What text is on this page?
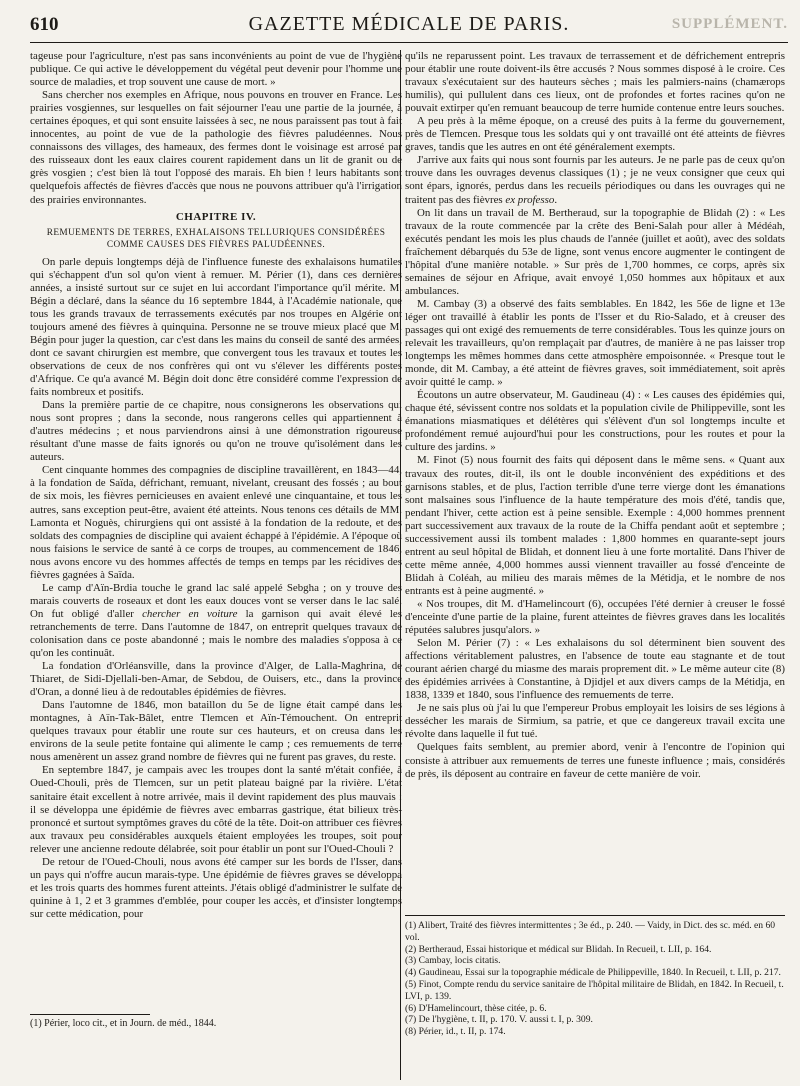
610	GAZETTE MÉDICALE DE PARIS.	SUPPLÉMENT.

tageuse pour l'agriculture, n'est pas sans inconvénients au point de vue de l'hygiène publique. Ce qui active le développement du végétal peut devenir pour l'homme une source de maladies, et trop souvent une cause de mort. »

Sans chercher nos exemples en Afrique, nous pouvons en trouver en France. Les prairies vosgiennes, sur lesquelles on fait séjourner l'eau une partie de la journée, à certaines époques, et qui sont ensuite laissées à sec, ne nous paraissent pas tout à fait innocentes, au point de vue de la pathologie des fièvres paludéennes. Nous connaissons des villages, des hameaux, des fermes dont le voisinage est arrosé par des ruisseaux dont les eaux claires courent rapidement dans un lit de granit ou de grès vosgien ; c'est bien là tout l'opposé des marais. Eh bien ! leurs habitants sont quelquefois affectés de fièvres d'accès que nous ne pouvons attribuer qu'à l'irrigation des prairies environnantes.

CHAPITRE IV.
REMUEMENTS DE TERRES, EXHALAISONS TELLURIQUES CONSIDÉRÉES
COMME CAUSES DES FIÈVRES PALUDÉENNES.

On parle depuis longtemps déjà de l'influence funeste des exhalaisons humatiles qui s'échappent d'un sol qu'on vient à remuer. M. Périer (1), dans ces dernières années, a insisté surtout sur ce sujet en lui accordant l'importance qu'il mérite. M. Bégin a déclaré, dans la séance du 16 septembre 1844, à l'Académie nationale, que tous les grands travaux de terrassements exécutés par nos troupes en Algérie ont toujours amené des fièvres à quinquina. Personne ne se trouve mieux placé que M. Bégin pour juger la question, car c'est dans les mains du conseil de santé des armées, dont ce savant chirurgien est membre, que convergent tous les travaux et toutes les observations de ceux de nos confrères qui ont vu s'élever les différents postes d'Afrique. Ce qu'a avancé M. Bégin doit donc être considéré comme l'expression de faits nombreux et positifs.

Dans la première partie de ce chapitre, nous consignerons les observations qui nous sont propres ; dans la seconde, nous rangerons celles qui appartiennent à d'autres médecins ; et nous parviendrons ainsi à une démonstration rigoureuse résultant d'une masse de faits ignorés ou qu'on ne trouve qu'isolément dans les auteurs.

Cent cinquante hommes des compagnies de discipline travaillèrent, en 1843—44, à la fondation de Saïda, défrichant, remuant, nivelant, creusant des fossés ; au bout de six mois, les fièvres pernicieuses en avaient enlevé une cinquantaine, et tous les autres, sans exception peut-être, avaient été atteints. Nous tenons ces détails de MM. Lamonta et Noguès, chirurgiens qui ont assisté à la fondation de la redoute, et des soldats des compagnies de discipline qui avaient échappé à l'épidémie. A l'époque où nous faisions le service de santé à ce corps de troupes, au commencement de 1846, nous avons encore vu des hommes affectés de temps en temps par les récidives des fièvres gagnées à Saïda.

Le camp d'Aïn-Brdia touche le grand lac salé appelé Sebgha ; on y trouve des marais couverts de roseaux et dont les eaux douces vont se verser dans le lac salé. On fut obligé d'aller chercher en voiture la garnison qui avait élevé les retranchements de terre. Dans l'automne de 1847, on entreprit quelques travaux de colonisation dans ce poste abandonné ; mais le nombre des maladies s'opposa à ce qu'on les continuât.

La fondation d'Orléansville, dans la province d'Alger, de Lalla-Maghrina, de Thiaret, de Sidi-Djellali-ben-Amar, de Sebdou, de Ouisers, etc., dans la province d'Oran, a donné lieu à de redoutables épidémies de fièvres.

Dans l'automne de 1846, mon bataillon du 5e de ligne était campé dans les montagnes, à Aïn-Tak-Bâlet, entre Tlemcen et Aïn-Témouchent. On entreprit quelques travaux pour établir une route sur ces hauteurs, et on creusa dans les environs de la seule petite fontaine qui alimente le camp ; ces remuements de terre nous amenèrent un assez grand nombre de fièvres qui ne furent pas graves, du reste.

En septembre 1847, je campais avec les troupes dont la santé m'était confiée, à Oued-Chouli, près de Tlemcen, sur un petit plateau baigné par la rivière. L'état sanitaire était excellent à notre arrivée, mais il devint rapidement des plus mauvais : il se développa une épidémie de fièvres avec embarras gastrique, état bilieux très-prononcé et surtout symptômes graves du côté de la tête. Doit-on attribuer ces fièvres aux travaux peu considérables auxquels étaient employées les troupes, soit pour relever une ancienne redoute délabrée, soit pour établir un pont sur l'Oued-Chouli ?

De retour de l'Oued-Chouli, nous avons été camper sur les bords de l'Isser, dans un pays qui n'offre aucun marais-type. Une épidémie de fièvres graves se développa et les trois quarts des hommes furent atteints. J'étais obligé d'administrer le sulfate de quinine à 1, 2 et 3 grammes d'emblée, pour couper les accès, et d'insister longtemps sur cette médication, pour

qu'ils ne reparussent point. Les travaux de terrassement et de défrichement entrepris pour établir une route doivent-ils être accusés ? Nous sommes disposé à le croire. Ces travaux s'exécutaient sur des hauteurs sèches ; mais les palmiers-nains (chamærops humilis), qui pullulent dans ces lieux, ont de profondes et fortes racines qu'on ne pouvait extirper qu'en remuant beaucoup de terre humide contenue entre leurs souches.

A peu près à la même époque, on a creusé des puits à la ferme du gouvernement, près de Tlemcen. Presque tous les soldats qui y ont travaillé ont été atteints de fièvres graves, tandis que les autres en ont été généralement exempts.

J'arrive aux faits qui nous sont fournis par les auteurs. Je ne parle pas de ceux qu'on trouve dans les ouvrages devenus classiques (1) ; je ne veux consigner que ceux qui sont épars, ignorés, perdus dans les recueils périodiques ou dans les ouvrages qui ne traitent pas des fièvres ex professo.

On lit dans un travail de M. Bertheraud, sur la topographie de Blidah (2) : « Les travaux de la route commencée par la crête des Beni-Salah pour aller à Médéah, exécutés pendant les mois les plus chauds de l'année (juillet et août), avec des soldats fraîchement débarqués du 53e de ligne, sont venus encore augmenter le contingent de l'hôpital d'une manière notable. » Sur près de 1,700 hommes, ce corps, après six semaines de séjour en Afrique, avait envoyé 1,050 hommes aux hôpitaux et aux ambulances.

M. Cambay (3) a observé des faits semblables. En 1842, les 56e de ligne et 13e léger ont travaillé à établir les ponts de l'Isser et du Rio-Salado, et à creuser des passages qui ont exigé des remuements de terre considérables. Tous les quinze jours on relevait les travailleurs, qu'on remplaçait par d'autres, de manière à ne pas laisser trop longtemps les mêmes hommes dans cette atmosphère empoisonnée. « Presque tout le monde, dit M. Cambay, a été atteint de fièvres graves, soit immédiatement, soit après avoir quitté le camp. »

Écoutons un autre observateur, M. Gaudineau (4) : « Les causes des épidémies qui, chaque été, sévissent contre nos soldats et la population civile de Philippeville, sont les émanations miasmatiques et délétères qui s'élèvent d'un sol longtemps inculte et profondément remué aujourd'hui pour les constructions, pour les routes et pour la culture des jardins. »

M. Finot (5) nous fournit des faits qui déposent dans le même sens. « Quant aux travaux des routes, dit-il, ils ont le double inconvénient des expéditions et des garnisons stables, et de plus, l'action terrible d'une terre vierge dont les émanations sont malsaines sous l'influence de la haute température des mois d'été, tandis que, pendant l'hiver, cette action est à peine sensible. Exemple : 4,000 hommes prennent part successivement aux travaux de la route de la Chiffa pendant août et septembre ; successivement aussi ils tombent malades : 1,800 hommes en quarante-sept jours entrent au seul hôpital de Blidah, et donnent lieu à une forte mortalité. Dans l'hiver de cette même année, 4,000 hommes aussi viennent travailler au fossé d'enceinte de Blidah à Coléah, au milieu des marais mêmes de la Métidja, et le nombre de nos entrants est à peine augmenté. »

« Nos troupes, dit M. d'Hamelincourt (6), occupées l'été dernier à creuser le fossé d'enceinte d'une partie de la plaine, furent atteintes de fièvres graves dans les localités réputées salubres jusqu'alors. »

Selon M. Périer (7) : « Les exhalaisons du sol déterminent bien souvent des affections véritablement palustres, en l'absence de toute eau stagnante et de tout courant aérien chargé du miasme des marais proprement dit. » Le même auteur cite (8) des épidémies arrivées à Constantine, à Djidjel et aux divers camps de la Métidja, en 1838, 1339 et 1840, sous l'influence des remuements de terre.

Je ne sais plus où j'ai lu que l'empereur Probus employait les loisirs de ses légions à dessécher les marais de Sirmium, sa patrie, et que ce dangereux travail excita une révolte dans laquelle il fut tué.

Quelques faits semblent, au premier abord, venir à l'encontre de l'opinion qui consiste à attribuer aux remuements de terres une funeste influence ; mais, considérés de près, ils déposent au contraire en faveur de cette manière de voir.

(1) Alibert, Traité des fièvres intermittentes ; 3e éd., p. 240. — Vaidy, in Dict. des sc. méd. en 60 vol.
(2) Bertheraud, Essai historique et médical sur Blidah. In Recueil, t. LII, p. 164.
(3) Cambay, locis citatis.
(4) Gaudineau, Essai sur la topographie médicale de Philippeville, 1840. In Recueil, t. LII, p. 217.
(5) Finot, Compte rendu du service sanitaire de l'hôpital militaire de Blidah, en 1842. In Recueil, t. LVI, p. 139.
(6) D'Hamelincourt, thèse citée, p. 6.
(7) De l'hygiène, t. II, p. 170. V. aussi t. I, p. 309.
(8) Périer, id., t. II, p. 174.
(1) Périer, loco cit., et in Journ. de méd., 1844.
